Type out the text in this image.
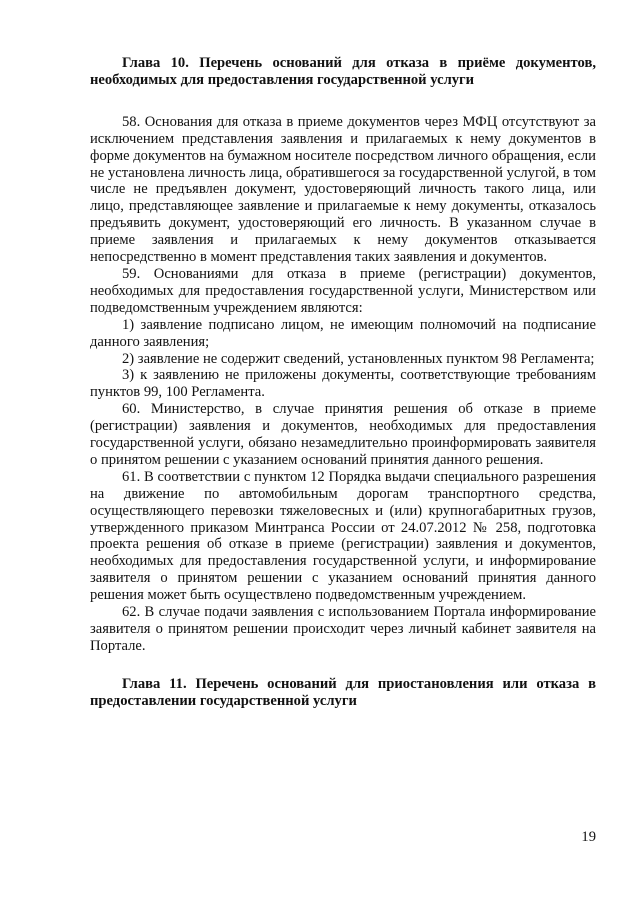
Глава 10. Перечень оснований для отказа в приёме документов, необходимых для предоставления государственной услуги

58. Основания для отказа в приеме документов через МФЦ отсутствуют за исключением представления заявления и прилагаемых к нему документов в форме документов на бумажном носителе посредством личного обращения, если не установлена личность лица, обратившегося за государственной услугой, в том числе не предъявлен документ, удостоверяющий личность такого лица, или лицо, представляющее заявление и прилагаемые к нему документы, отказалось предъявить документ, удостоверяющий его личность. В указанном случае в приеме заявления и прилагаемых к нему документов отказывается непосредственно в момент представления таких заявления и документов.

59. Основаниями для отказа в приеме (регистрации) документов, необходимых для предоставления государственной услуги, Министерством или подведомственным учреждением являются:

1) заявление подписано лицом, не имеющим полномочий на подписание данного заявления;

2) заявление не содержит сведений, установленных пунктом 98 Регламента;

3) к заявлению не приложены документы, соответствующие требованиям пунктов 99, 100 Регламента.

60. Министерство, в случае принятия решения об отказе в приеме (регистрации) заявления и документов, необходимых для предоставления государственной услуги, обязано незамедлительно проинформировать заявителя о принятом решении с указанием оснований принятия данного решения.

61. В соответствии с пунктом 12 Порядка выдачи специального разрешения на движение по автомобильным дорогам транспортного средства, осуществляющего перевозки тяжеловесных и (или) крупногабаритных грузов, утвержденного приказом Минтранса России от 24.07.2012 № 258, подготовка проекта решения об отказе в приеме (регистрации) заявления и документов, необходимых для предоставления государственной услуги, и информирование заявителя о принятом решении с указанием оснований принятия данного решения может быть осуществлено подведомственным учреждением.

62. В случае подачи заявления с использованием Портала информирование заявителя о принятом решении происходит через личный кабинет заявителя на Портале.

Глава 11. Перечень оснований для приостановления или отказа в предоставлении государственной услуги

19
